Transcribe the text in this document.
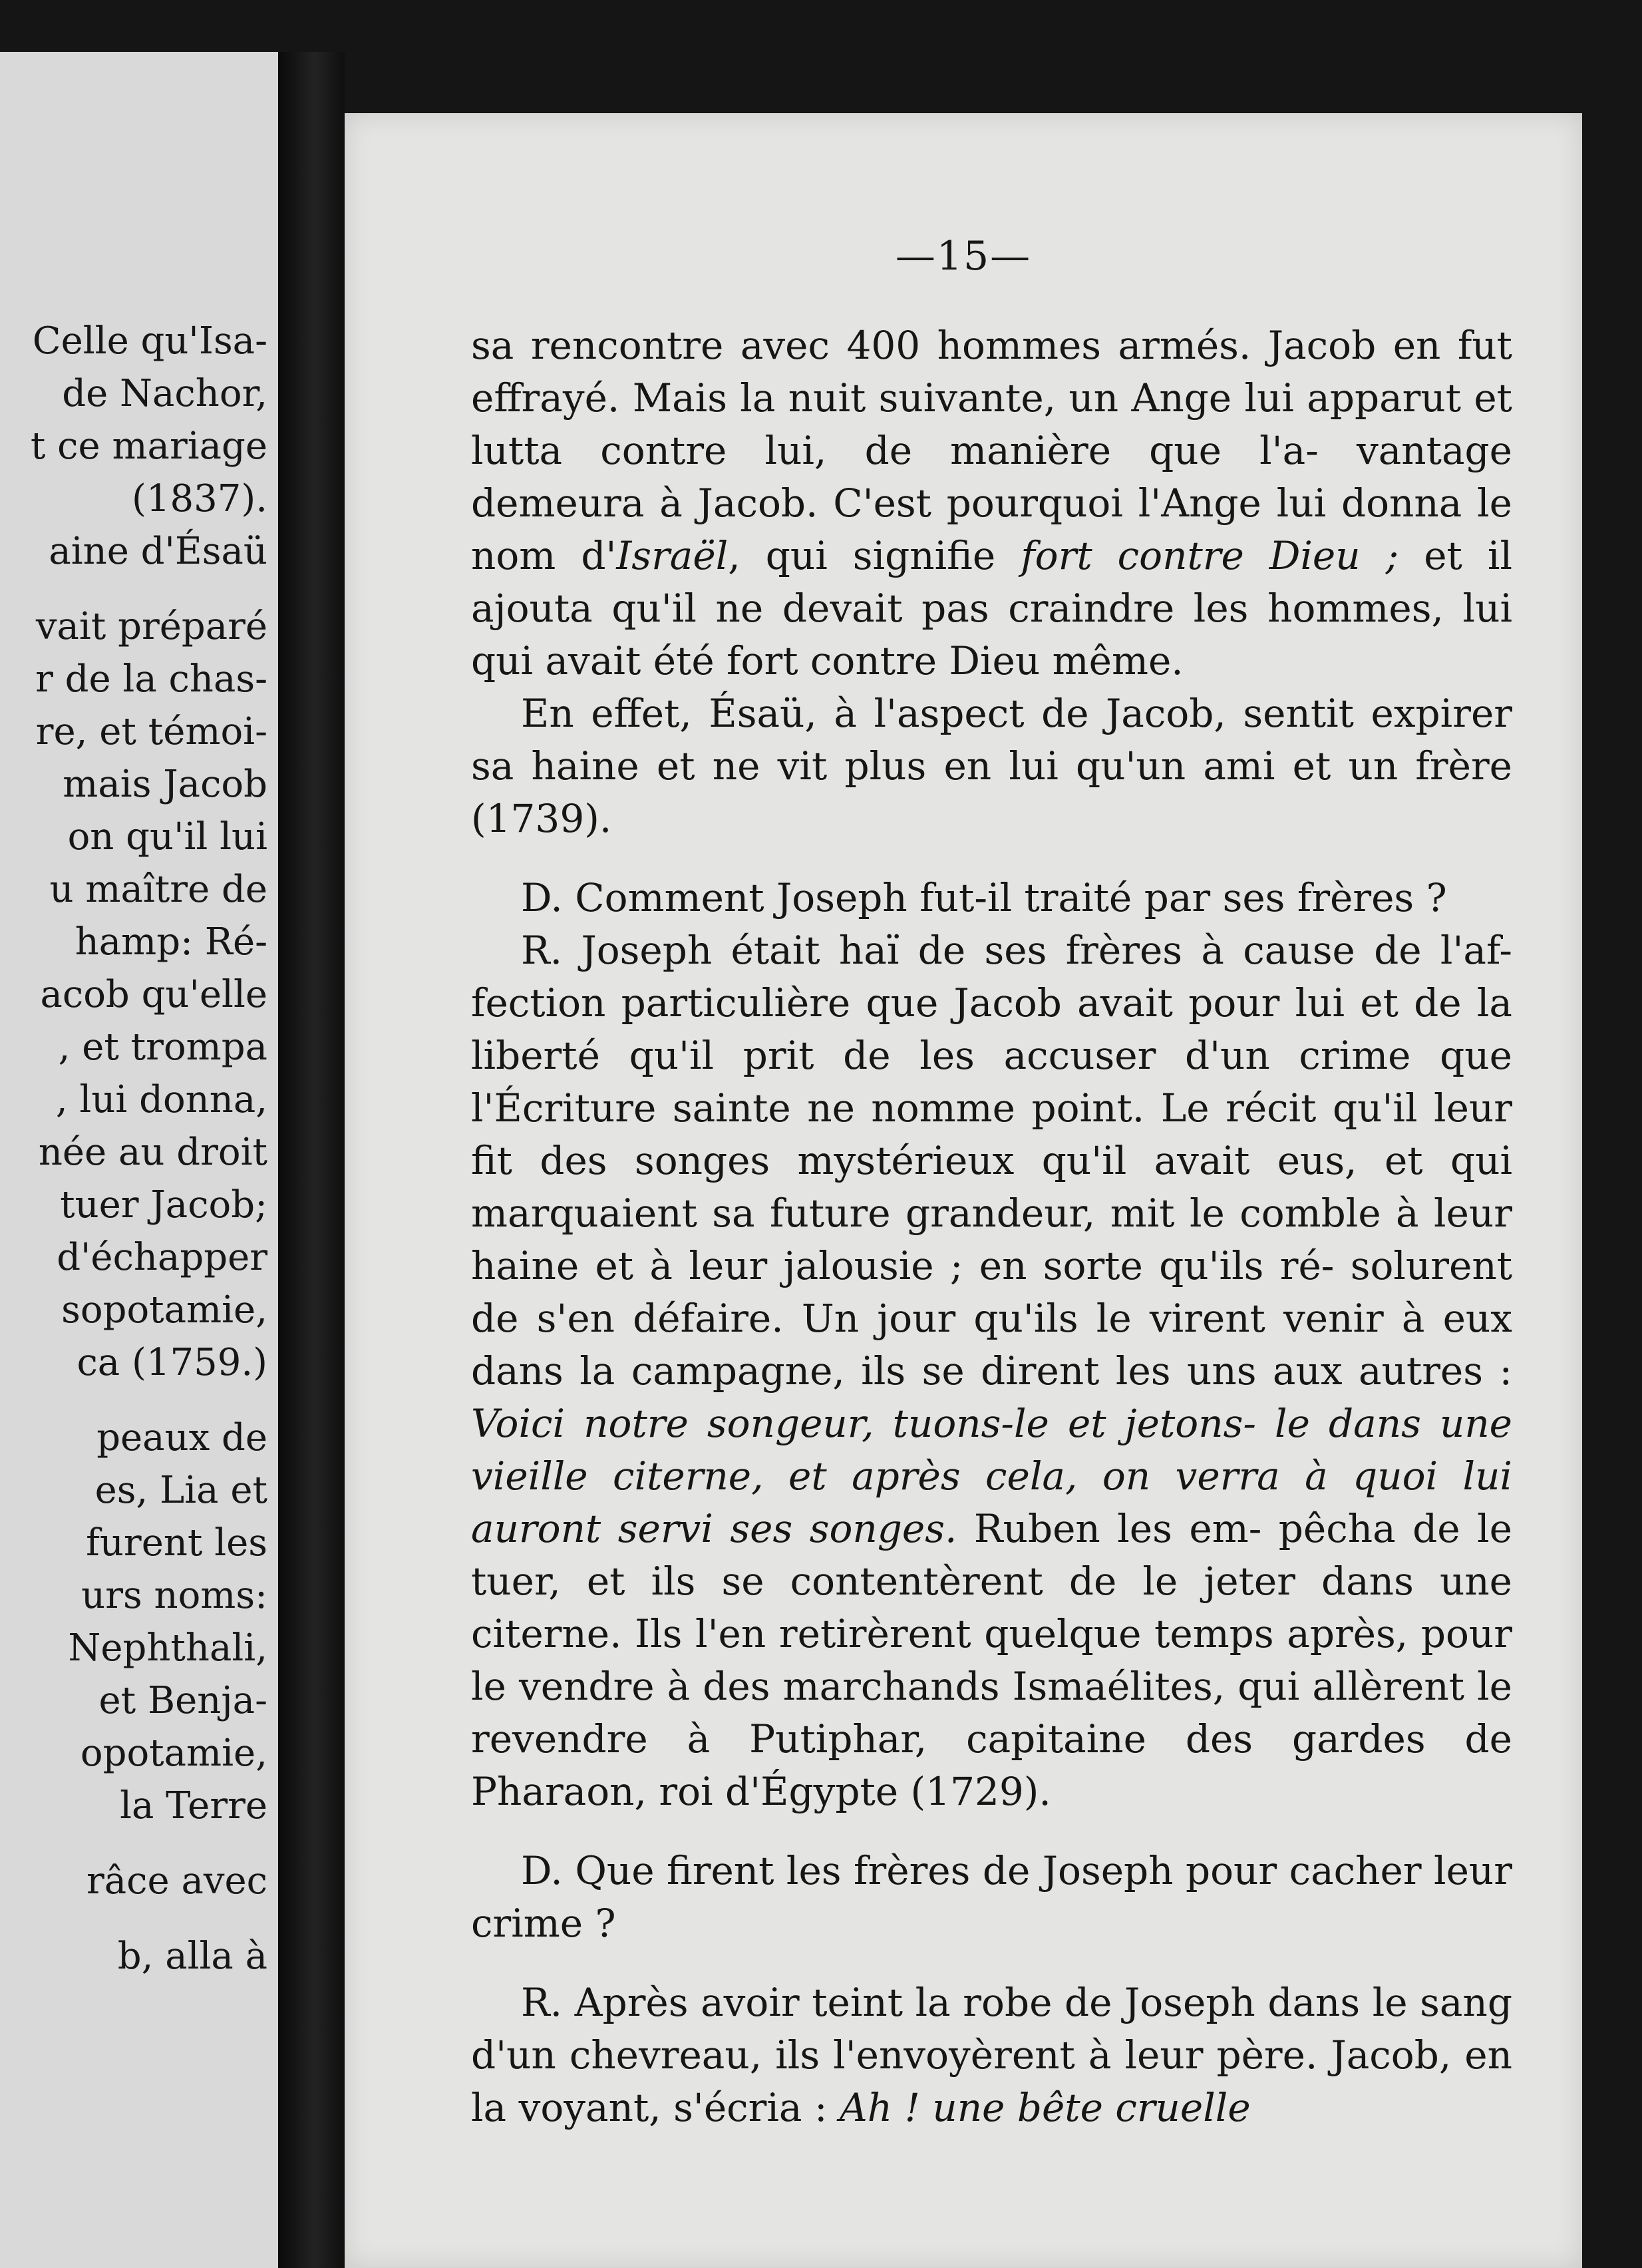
Celle qu'Isa-
de Nachor,
t ce mariage
(1837).
aine d'Ésaü
vait préparé
r de la chas-
re, et témoi-
mais Jacob
on qu'il lui
u maître de
hamp: Ré-
acob qu'elle
, et trompa
, lui donna,
née au droit
tuer Jacob;
d'échapper
sopotamie,
ca (1759.)
peaux de
es, Lia et
furent les
urs noms:
Nephthali,
et Benja-
opotamie,
la Terre
râce avec
b, alla à
—15—

sa rencontre avec 400 hommes armés. Jacob en fut effrayé. Mais la nuit suivante, un Ange lui apparut et lutta contre lui, de manière que l'a- vantage demeura à Jacob. C'est pourquoi l'Ange lui donna le nom d'Israël, qui signifie fort contre Dieu ; et il ajouta qu'il ne devait pas craindre les hommes, lui qui avait été fort contre Dieu même.

En effet, Ésaü, à l'aspect de Jacob, sentit expirer sa haine et ne vit plus en lui qu'un ami et un frère (1739).

D. Comment Joseph fut-il traité par ses frères ?

R. Joseph était haï de ses frères à cause de l'af- fection particulière que Jacob avait pour lui et de la liberté qu'il prit de les accuser d'un crime que l'Écriture sainte ne nomme point. Le récit qu'il leur fit des songes mystérieux qu'il avait eus, et qui marquaient sa future grandeur, mit le comble à leur haine et à leur jalousie ; en sorte qu'ils ré- solurent de s'en défaire. Un jour qu'ils le virent venir à eux dans la campagne, ils se dirent les uns aux autres : Voici notre songeur, tuons-le et jetons- le dans une vieille citerne, et après cela, on verra à quoi lui auront servi ses songes. Ruben les em- pêcha de le tuer, et ils se contentèrent de le jeter dans une citerne. Ils l'en retirèrent quelque temps après, pour le vendre à des marchands Ismaélites, qui allèrent le revendre à Putiphar, capitaine des gardes de Pharaon, roi d'Égypte (1729).

D. Que firent les frères de Joseph pour cacher leur crime ?

R. Après avoir teint la robe de Joseph dans le sang d'un chevreau, ils l'envoyèrent à leur père. Jacob, en la voyant, s'écria : Ah ! une bête cruelle
